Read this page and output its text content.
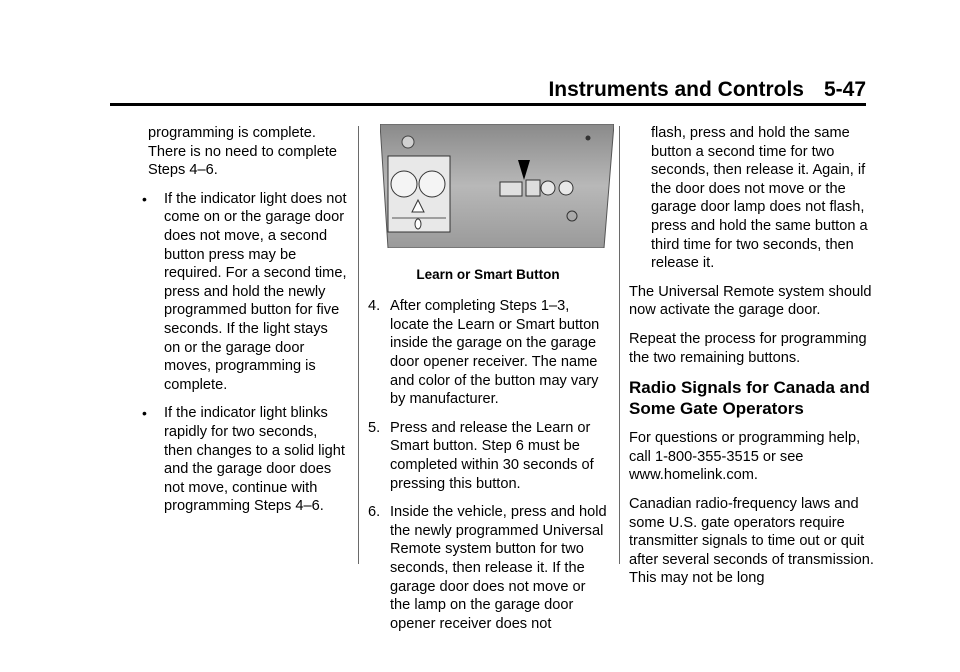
Instruments and Controls 5-47

programming is complete. There is no need to complete Steps 4–6.

• If the indicator light does not come on or the garage door does not move, a second button press may be required. For a second time, press and hold the newly programmed button for five seconds. If the light stays on or the garage door moves, programming is complete.
• If the indicator light blinks rapidly for two seconds, then changes to a solid light and the garage door does not move, continue with programming Steps 4–6.
Learn or Smart Button
4. After completing Steps 1–3, locate the Learn or Smart button inside the garage on the garage door opener receiver. The name and color of the button may vary by manufacturer.
5. Press and release the Learn or Smart button. Step 6 must be completed within 30 seconds of pressing this button.
6. Inside the vehicle, press and hold the newly programmed Universal Remote system button for two seconds, then release it. If the garage door does not move or the lamp on the garage door opener receiver does not

flash, press and hold the same button a second time for two seconds, then release it. Again, if the door does not move or the garage door lamp does not flash, press and hold the same button a third time for two seconds, then release it.

The Universal Remote system should now activate the garage door.

Repeat the process for programming the two remaining buttons.

Radio Signals for Canada and Some Gate Operators

For questions or programming help, call 1-800-355-3515 or see www.homelink.com.

Canadian radio-frequency laws and some U.S. gate operators require transmitter signals to time out or quit after several seconds of transmission. This may not be long
